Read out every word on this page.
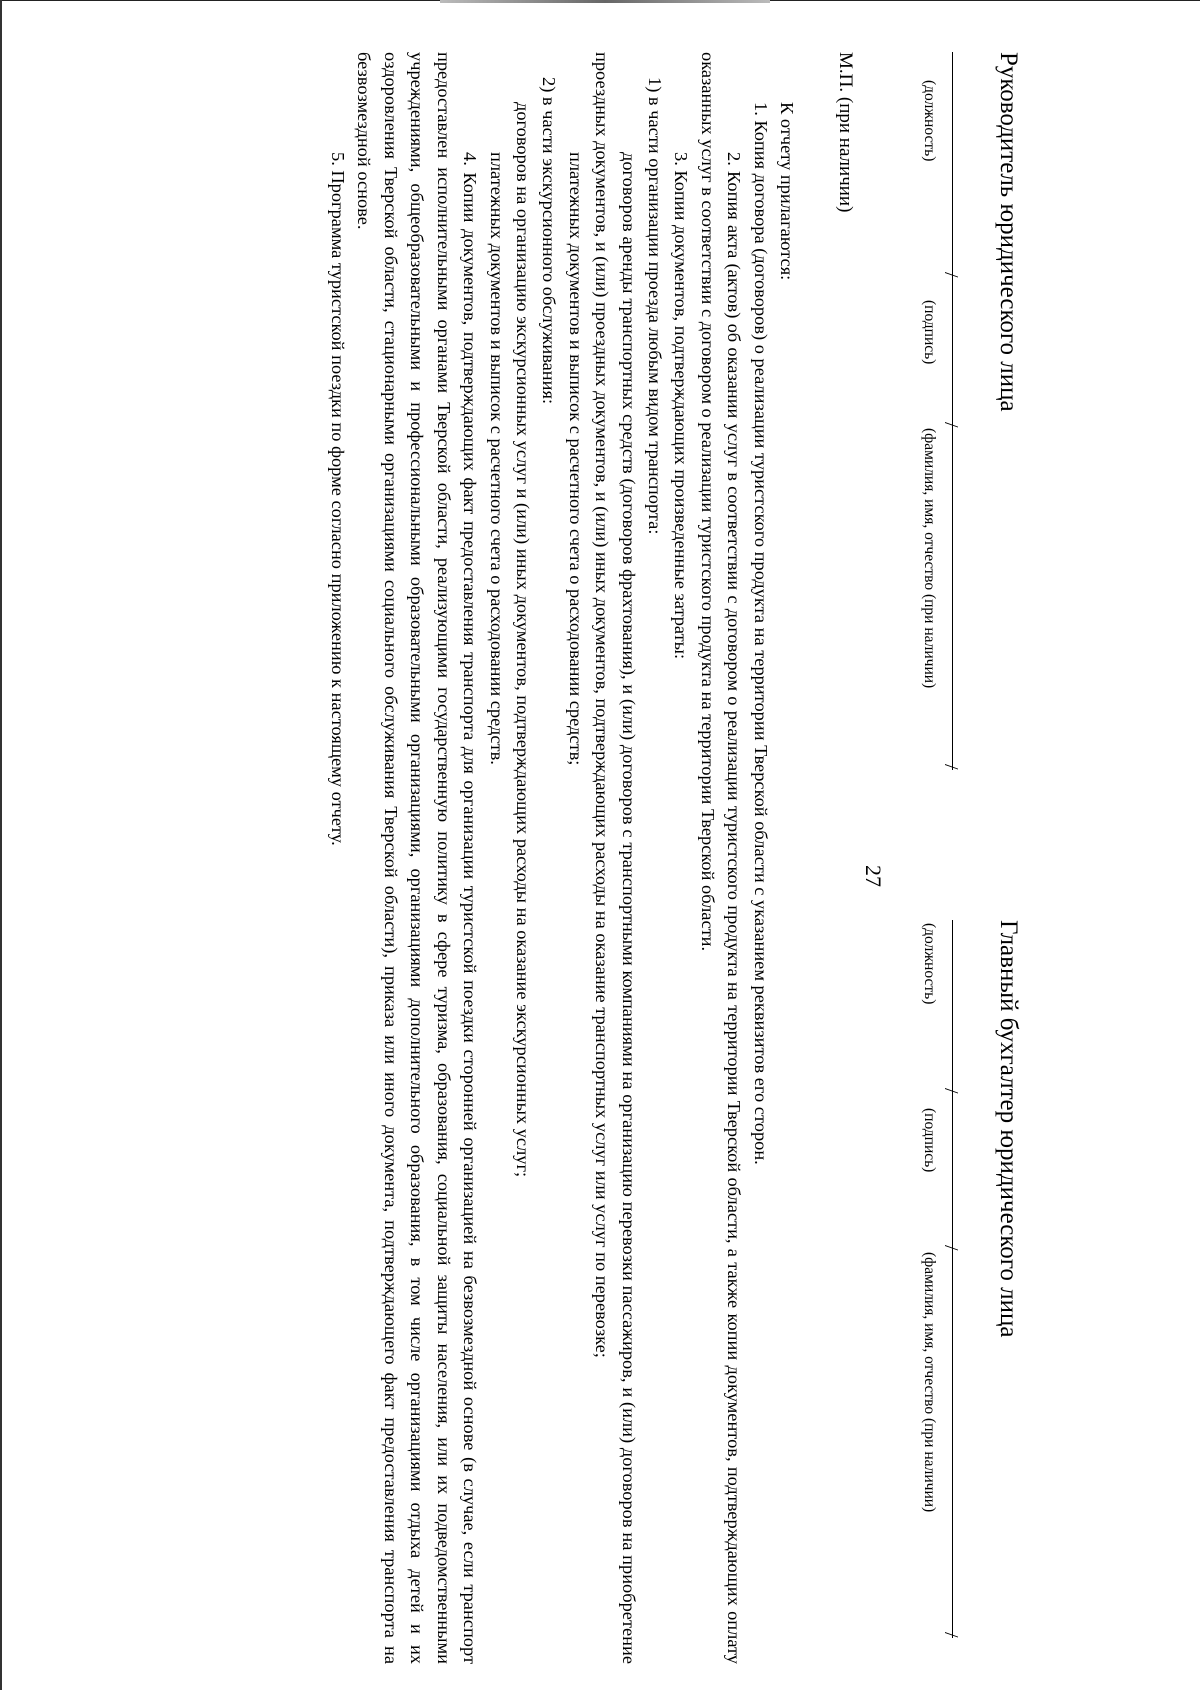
27
Руководитель юридического лица
/
/
/
(должность)
(подпись)
(фамилия, имя, отчество (при наличии)
Главный бухгалтер юридического лица
/
/
/
(должность)
(подпись)
(фамилия, имя, отчество (при наличии)
М.П. (при наличии)

К отчету прилагаются:

1. Копия договора (договоров) о реализации туристского продукта на территории Тверской области с указанием реквизитов его сторон.

2. Копия акта (актов) об оказании услуг в соответствии с договором о реализации туристского продукта на территории Тверской области, а также копии документов, подтверждающих оплату оказанных услуг в соответствии с договором о реализации туристского продукта на территории Тверской области.

3. Копии документов, подтверждающих произведенные затраты:

1) в части организации проезда любым видом транспорта:

договоров аренды транспортных средств (договоров фрахтования), и (или) договоров с транспортными компаниями на организацию перевозки пассажиров, и (или) договоров на приобретение проездных документов, и (или) проездных документов, и (или) иных документов, подтверждающих расходы на оказание транспортных услуг или услуг по перевозке;

платежных документов и выписок с расчетного счета о расходовании средств;

2) в части экскурсионного обслуживания:

договоров на организацию экскурсионных услуг и (или) иных документов, подтверждающих расходы на оказание экскурсионных услуг;

платежных документов и выписок с расчетного счета о расходовании средств.

4. Копии документов, подтверждающих факт предоставления транспорта для организации туристской поездки сторонней организацией на безвозмездной основе (в случае, если транспорт предоставлен исполнительными органами Тверской области, реализующими государственную политику в сфере туризма, образования, социальной защиты населения, или их подведомственными учреждениями, общеобразовательными и профессиональными образовательными организациями, организациями дополнительного образования, в том числе организациями отдыха детей и их оздоровления Тверской области, стационарными организациями социального обслуживания Тверской области), приказа или иного документа, подтверждающего факт предоставления транспорта на безвозмездной основе.

5. Программа туристской поездки по форме согласно приложению к настоящему отчету.
